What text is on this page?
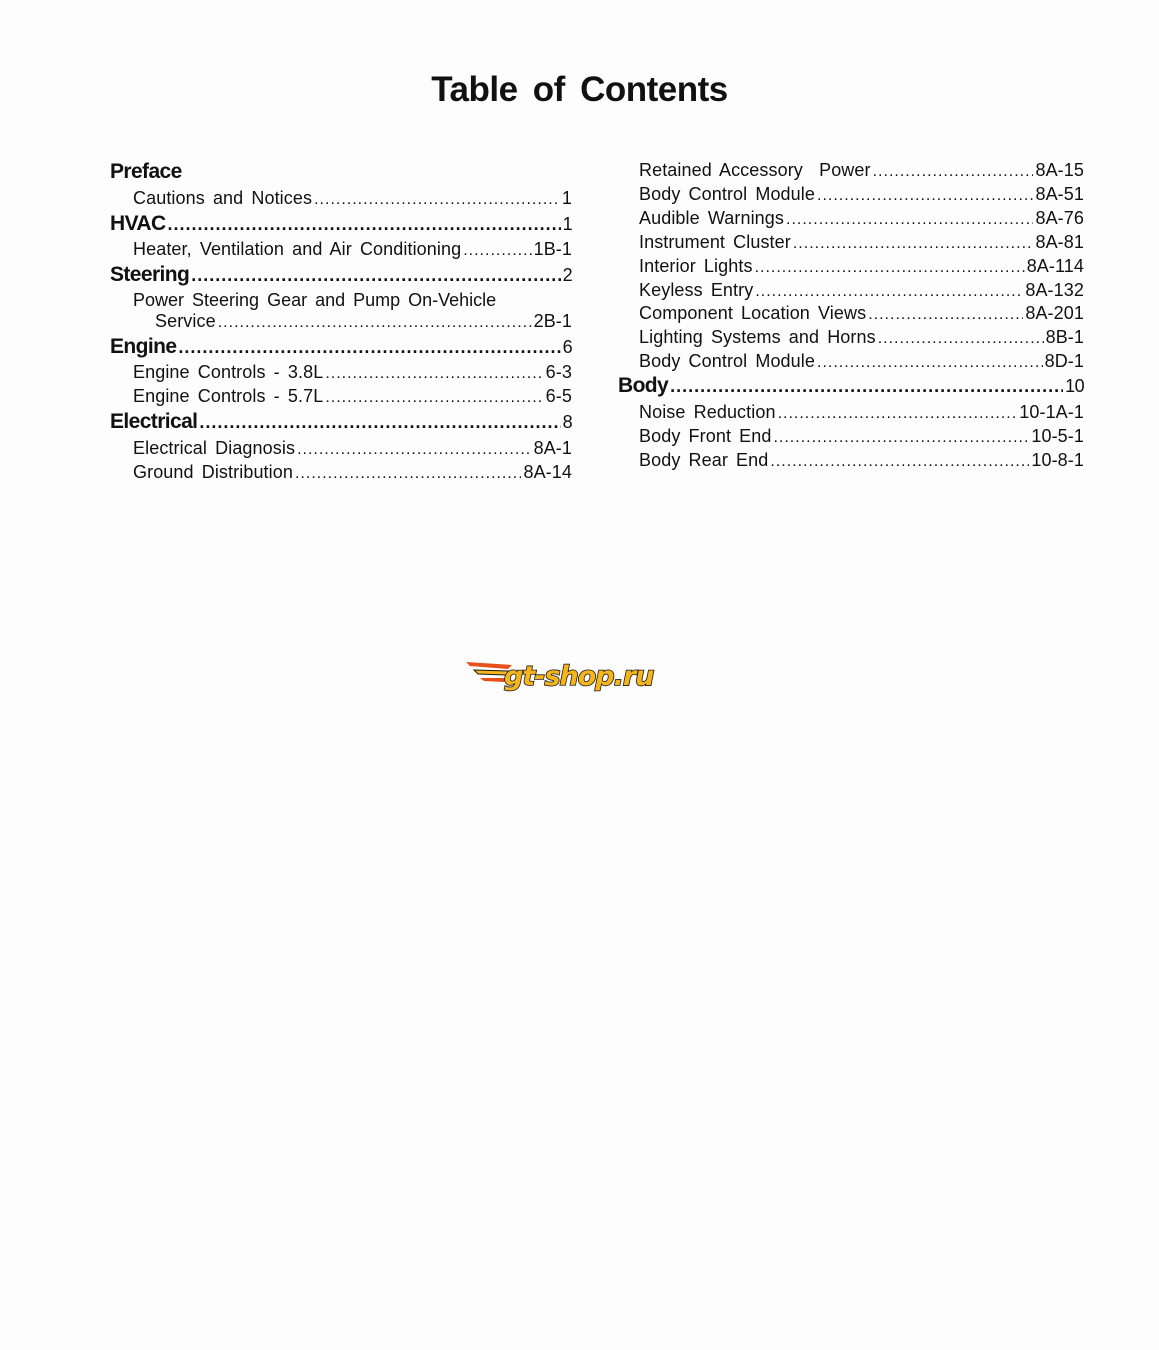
Table of Contents
Preface
Cautions and Notices .....	1
HVAC .....	1
Heater, Ventilation and Air Conditioning .....	1B-1
Steering .....	2
Power Steering Gear and Pump On-Vehicle
Service .....	2B-1
Engine .....	6
Engine Controls - 3.8L .....	6-3
Engine Controls - 5.7L .....	6-5
Electrical .....	8
Electrical Diagnosis .....	8A-1
Ground Distribution .....	8A-14
Retained Accessory  Power .....	8A-15
Body Control Module .....	8A-51
Audible Warnings .....	8A-76
Instrument Cluster .....	8A-81
Interior Lights .....	8A-114
Keyless Entry .....	8A-132
Component Location Views .....	8A-201
Lighting Systems and Horns .....	8B-1
Body Control Module .....	8D-1
Body .....	10
Noise Reduction .....	10-1A-1
Body Front End .....	10-5-1
Body Rear End .....	10-8-1
gt-shop.ru
